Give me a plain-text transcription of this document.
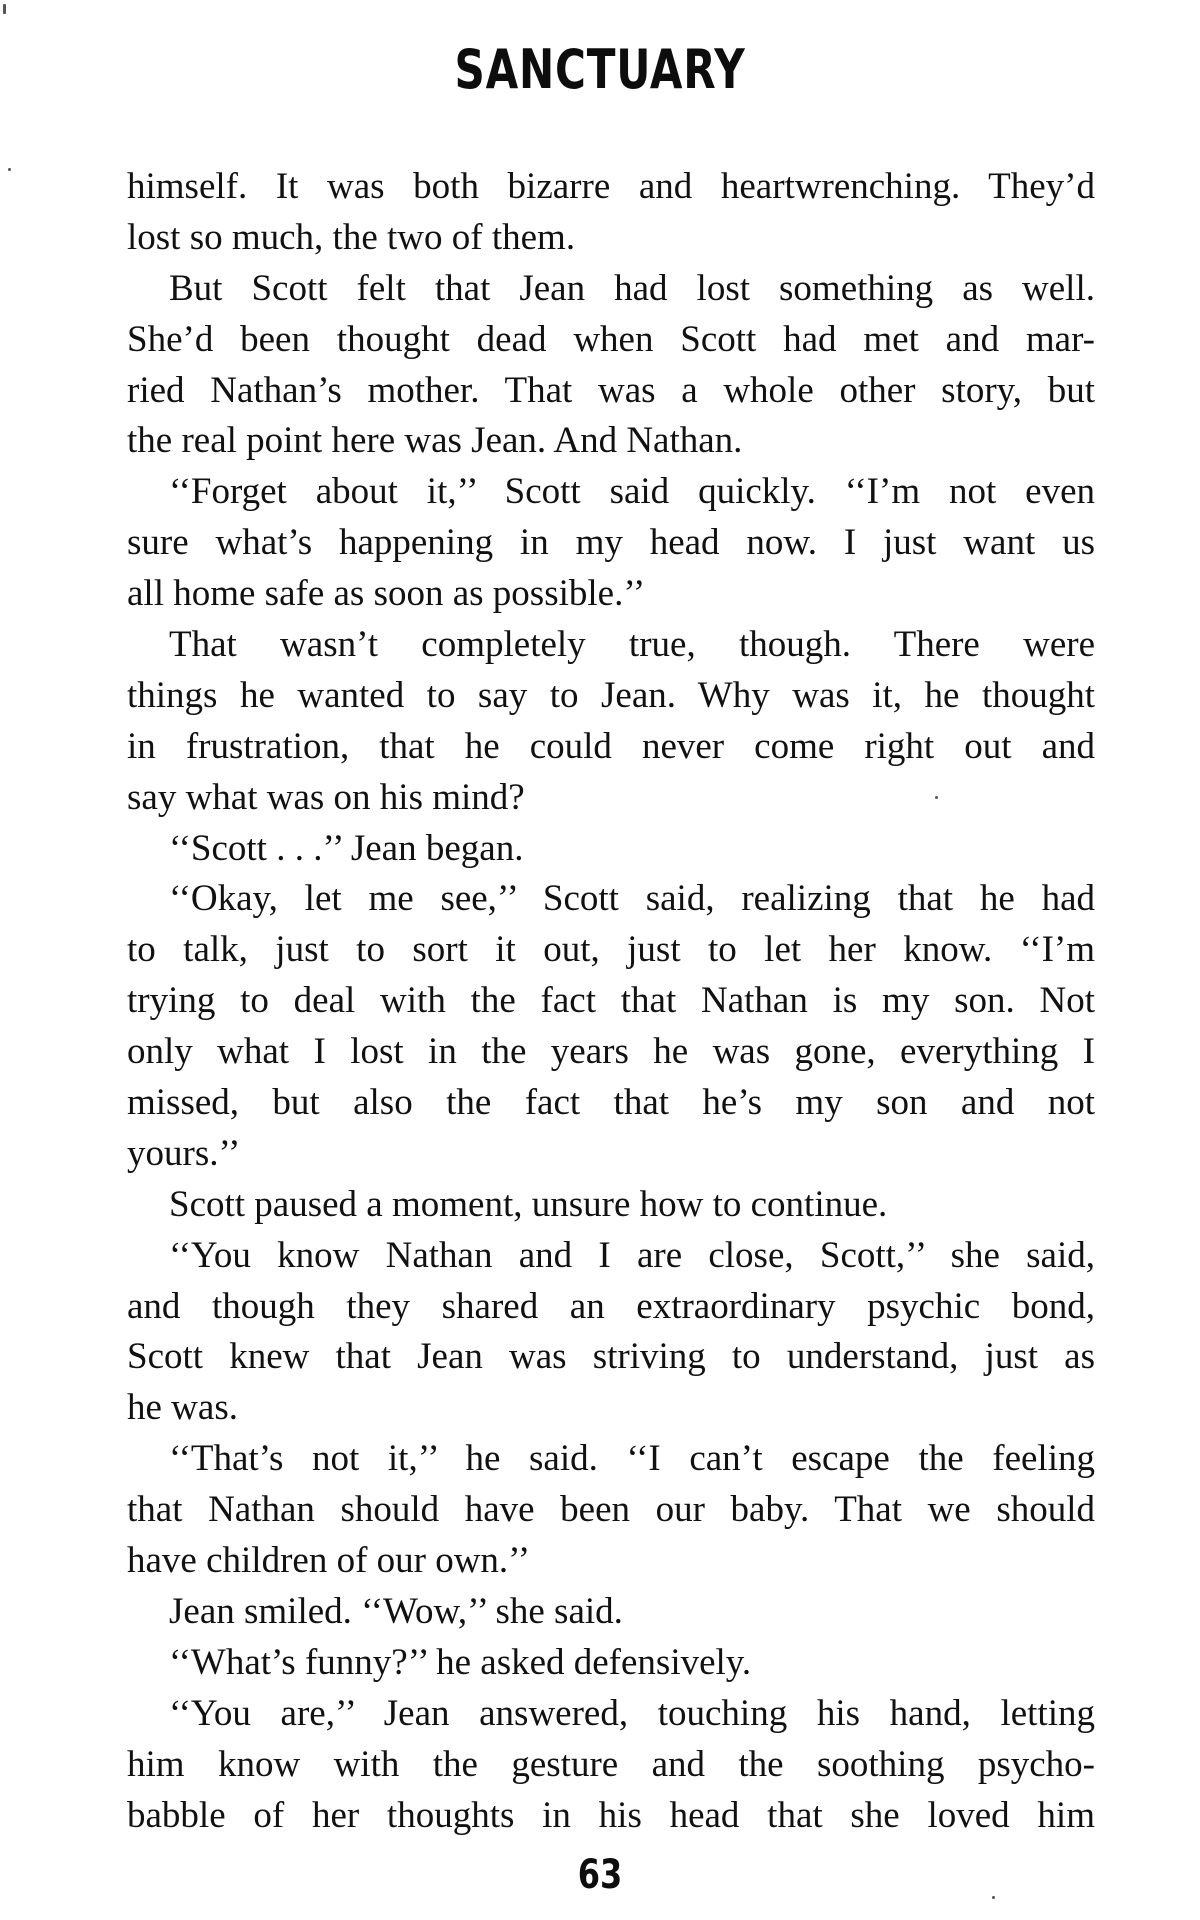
SANCTUARY
himself. It was both bizarre and heartwrenching. They’d
lost so much, the two of them.
But Scott felt that Jean had lost something as well.
She’d been thought dead when Scott had met and mar-
ried Nathan’s mother. That was a whole other story, but
the real point here was Jean. And Nathan.
‘‘Forget about it,’’ Scott said quickly. ‘‘I’m not even
sure what’s happening in my head now. I just want us
all home safe as soon as possible.’’
That wasn’t completely true, though. There were
things he wanted to say to Jean. Why was it, he thought
in frustration, that he could never come right out and
say what was on his mind?
‘‘Scott . . .’’ Jean began.
‘‘Okay, let me see,’’ Scott said, realizing that he had
to talk, just to sort it out, just to let her know. ‘‘I’m
trying to deal with the fact that Nathan is my son. Not
only what I lost in the years he was gone, everything I
missed, but also the fact that he’s my son and not
yours.’’
Scott paused a moment, unsure how to continue.
‘‘You know Nathan and I are close, Scott,’’ she said,
and though they shared an extraordinary psychic bond,
Scott knew that Jean was striving to understand, just as
he was.
‘‘That’s not it,’’ he said. ‘‘I can’t escape the feeling
that Nathan should have been our baby. That we should
have children of our own.’’
Jean smiled. ‘‘Wow,’’ she said.
‘‘What’s funny?’’ he asked defensively.
‘‘You are,’’ Jean answered, touching his hand, letting
him know with the gesture and the soothing psycho-
babble of her thoughts in his head that she loved him
63
